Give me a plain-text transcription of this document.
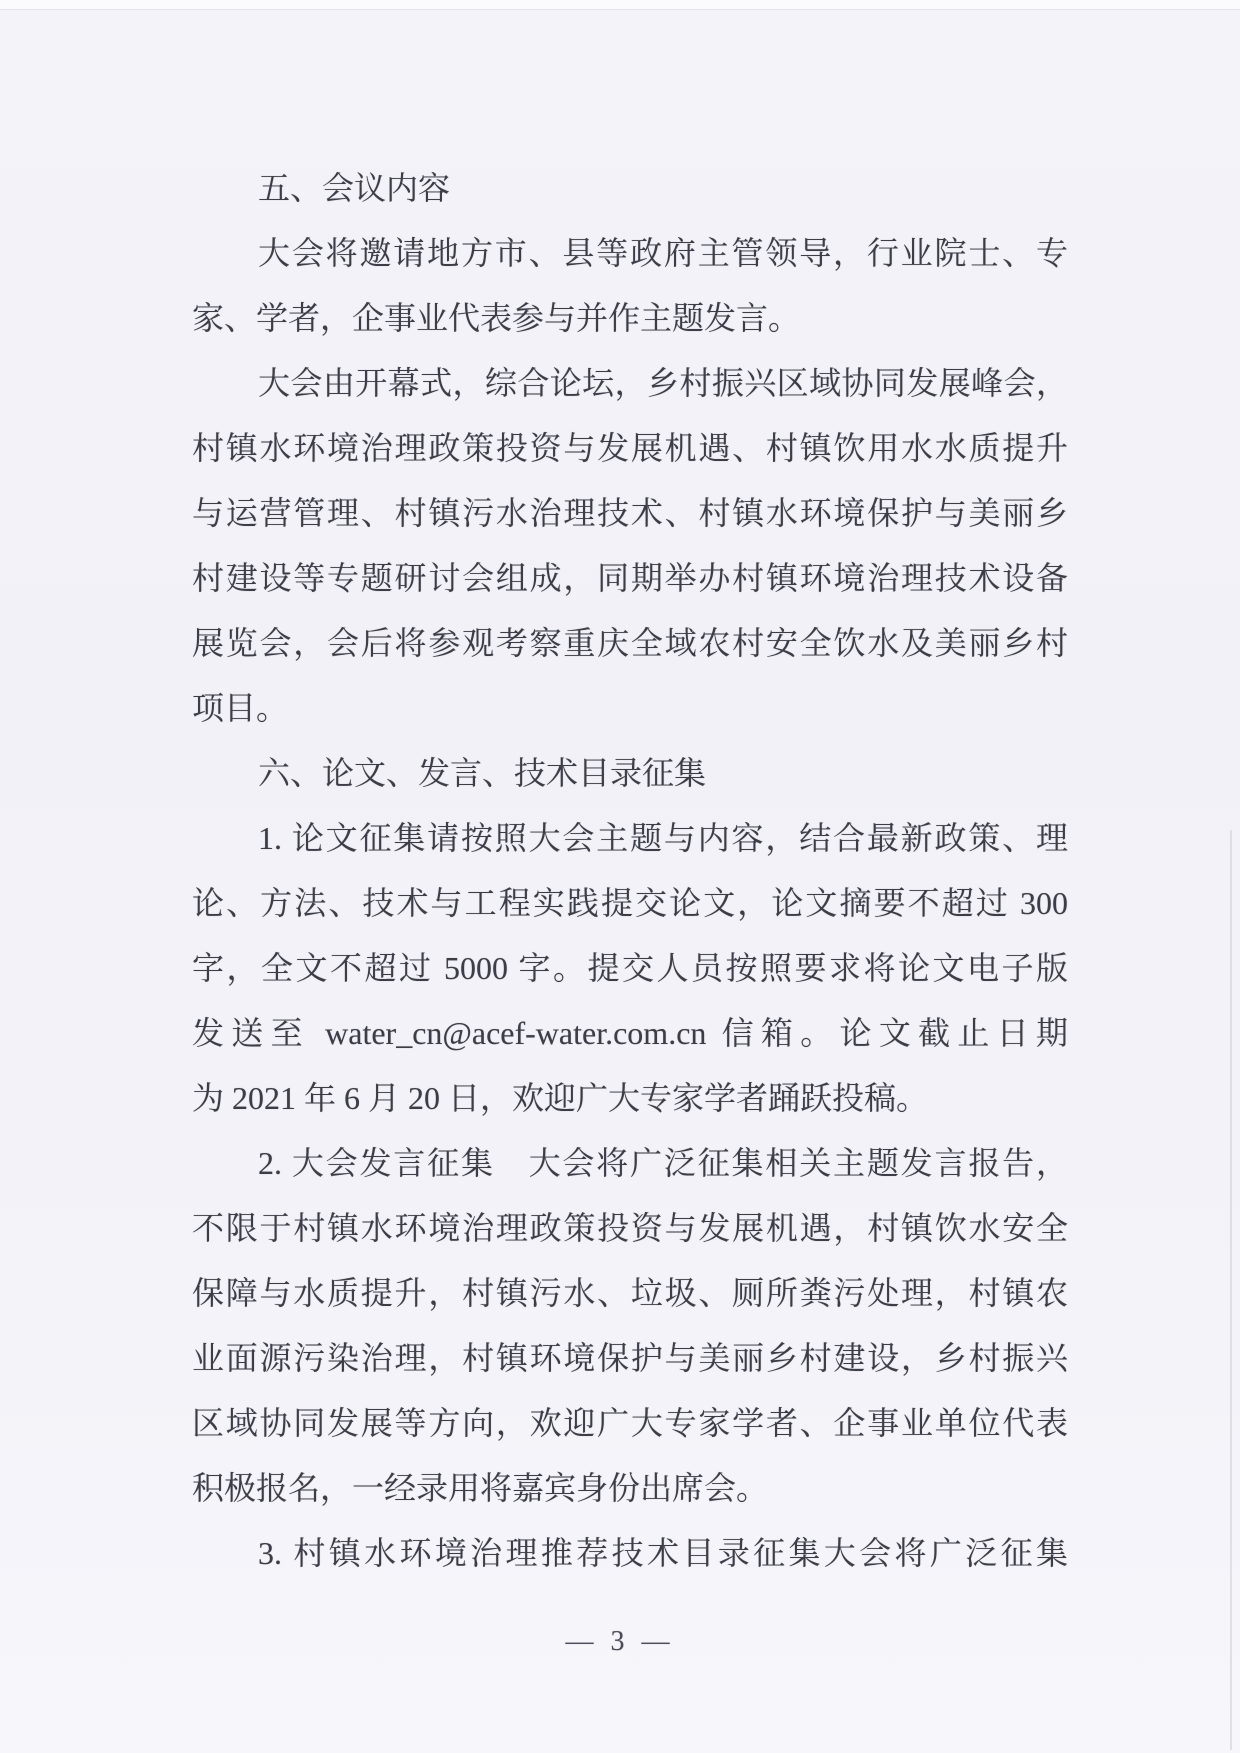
五、会议内容
大会将邀请地方市、县等政府主管领导，行业院士、专
家、学者，企事业代表参与并作主题发言。
大会由开幕式，综合论坛，乡村振兴区域协同发展峰会，
村镇水环境治理政策投资与发展机遇、村镇饮用水水质提升
与运营管理、村镇污水治理技术、村镇水环境保护与美丽乡
村建设等专题研讨会组成，同期举办村镇环境治理技术设备
展览会，会后将参观考察重庆全域农村安全饮水及美丽乡村
项目。
六、论文、发言、技术目录征集
1. 论文征集请按照大会主题与内容，结合最新政策、理
论、方法、技术与工程实践提交论文，论文摘要不超过 300
字，全文不超过 5000 字。提交人员按照要求将论文电子版
发送至 water_cn@acef-water.com.cn 信箱。论文截止日期
为 2021 年 6 月 20 日，欢迎广大专家学者踊跃投稿。
2. 大会发言征集　大会将广泛征集相关主题发言报告，
不限于村镇水环境治理政策投资与发展机遇，村镇饮水安全
保障与水质提升，村镇污水、垃圾、厕所粪污处理，村镇农
业面源污染治理，村镇环境保护与美丽乡村建设，乡村振兴
区域协同发展等方向，欢迎广大专家学者、企事业单位代表
积极报名，一经录用将嘉宾身份出席会。
3. 村镇水环境治理推荐技术目录征集大会将广泛征集
— 3 —
